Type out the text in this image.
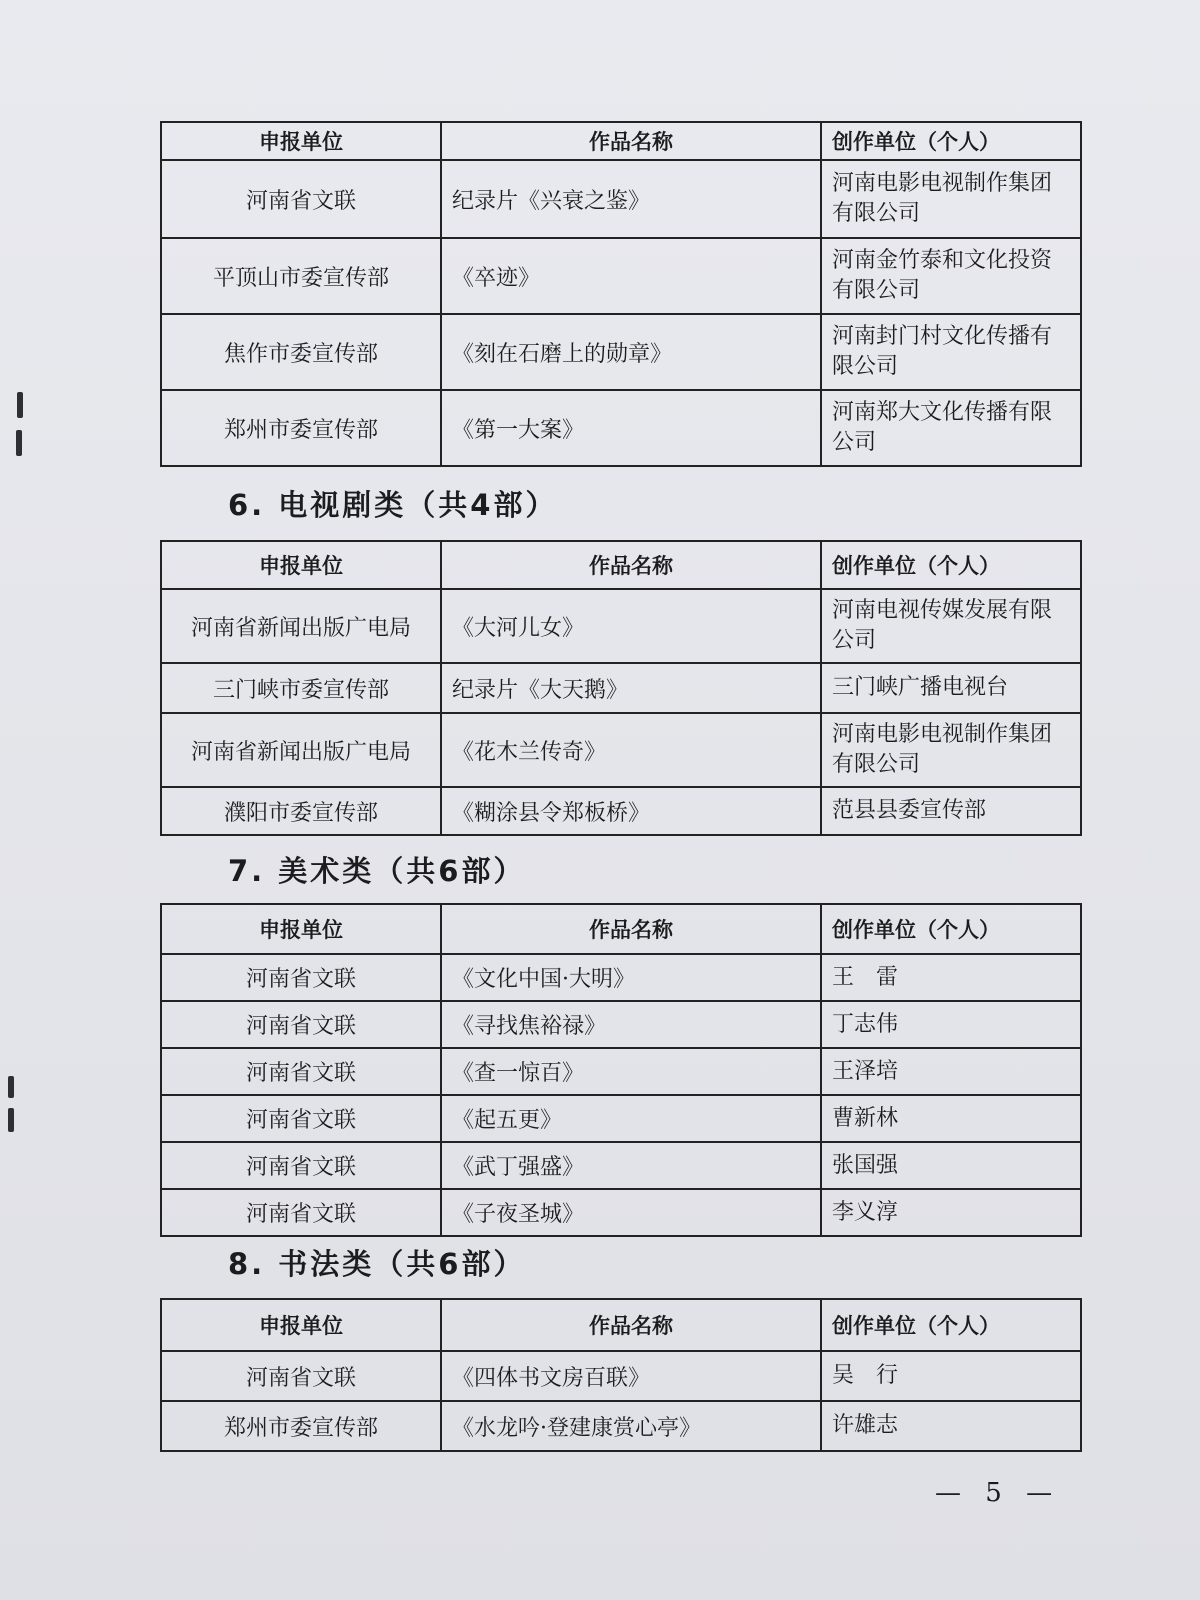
申报单位	作品名称	创作单位（个人）
河南省文联	纪录片《兴衰之鉴》	河南电影电视制作集团有限公司
平顶山市委宣传部	《卒迹》	河南金竹泰和文化投资有限公司
焦作市委宣传部	《刻在石磨上的勋章》	河南封门村文化传播有限公司
郑州市委宣传部	《第一大案》	河南郑大文化传播有限公司
6. 电视剧类（共4部）
申报单位	作品名称	创作单位（个人）
河南省新闻出版广电局	《大河儿女》	河南电视传媒发展有限公司
三门峡市委宣传部	纪录片《大天鹅》	三门峡广播电视台
河南省新闻出版广电局	《花木兰传奇》	河南电影电视制作集团有限公司
濮阳市委宣传部	《糊涂县令郑板桥》	范县县委宣传部
7. 美术类（共6部）
申报单位	作品名称	创作单位（个人）
河南省文联	《文化中国·大明》	王　雷
河南省文联	《寻找焦裕禄》	丁志伟
河南省文联	《查一惊百》	王泽培
河南省文联	《起五更》	曹新林
河南省文联	《武丁强盛》	张国强
河南省文联	《子夜圣城》	李义淳
8. 书法类（共6部）
申报单位	作品名称	创作单位（个人）
河南省文联	《四体书文房百联》	吴　行
郑州市委宣传部	《水龙吟·登建康赏心亭》	许雄志
— 5 —
